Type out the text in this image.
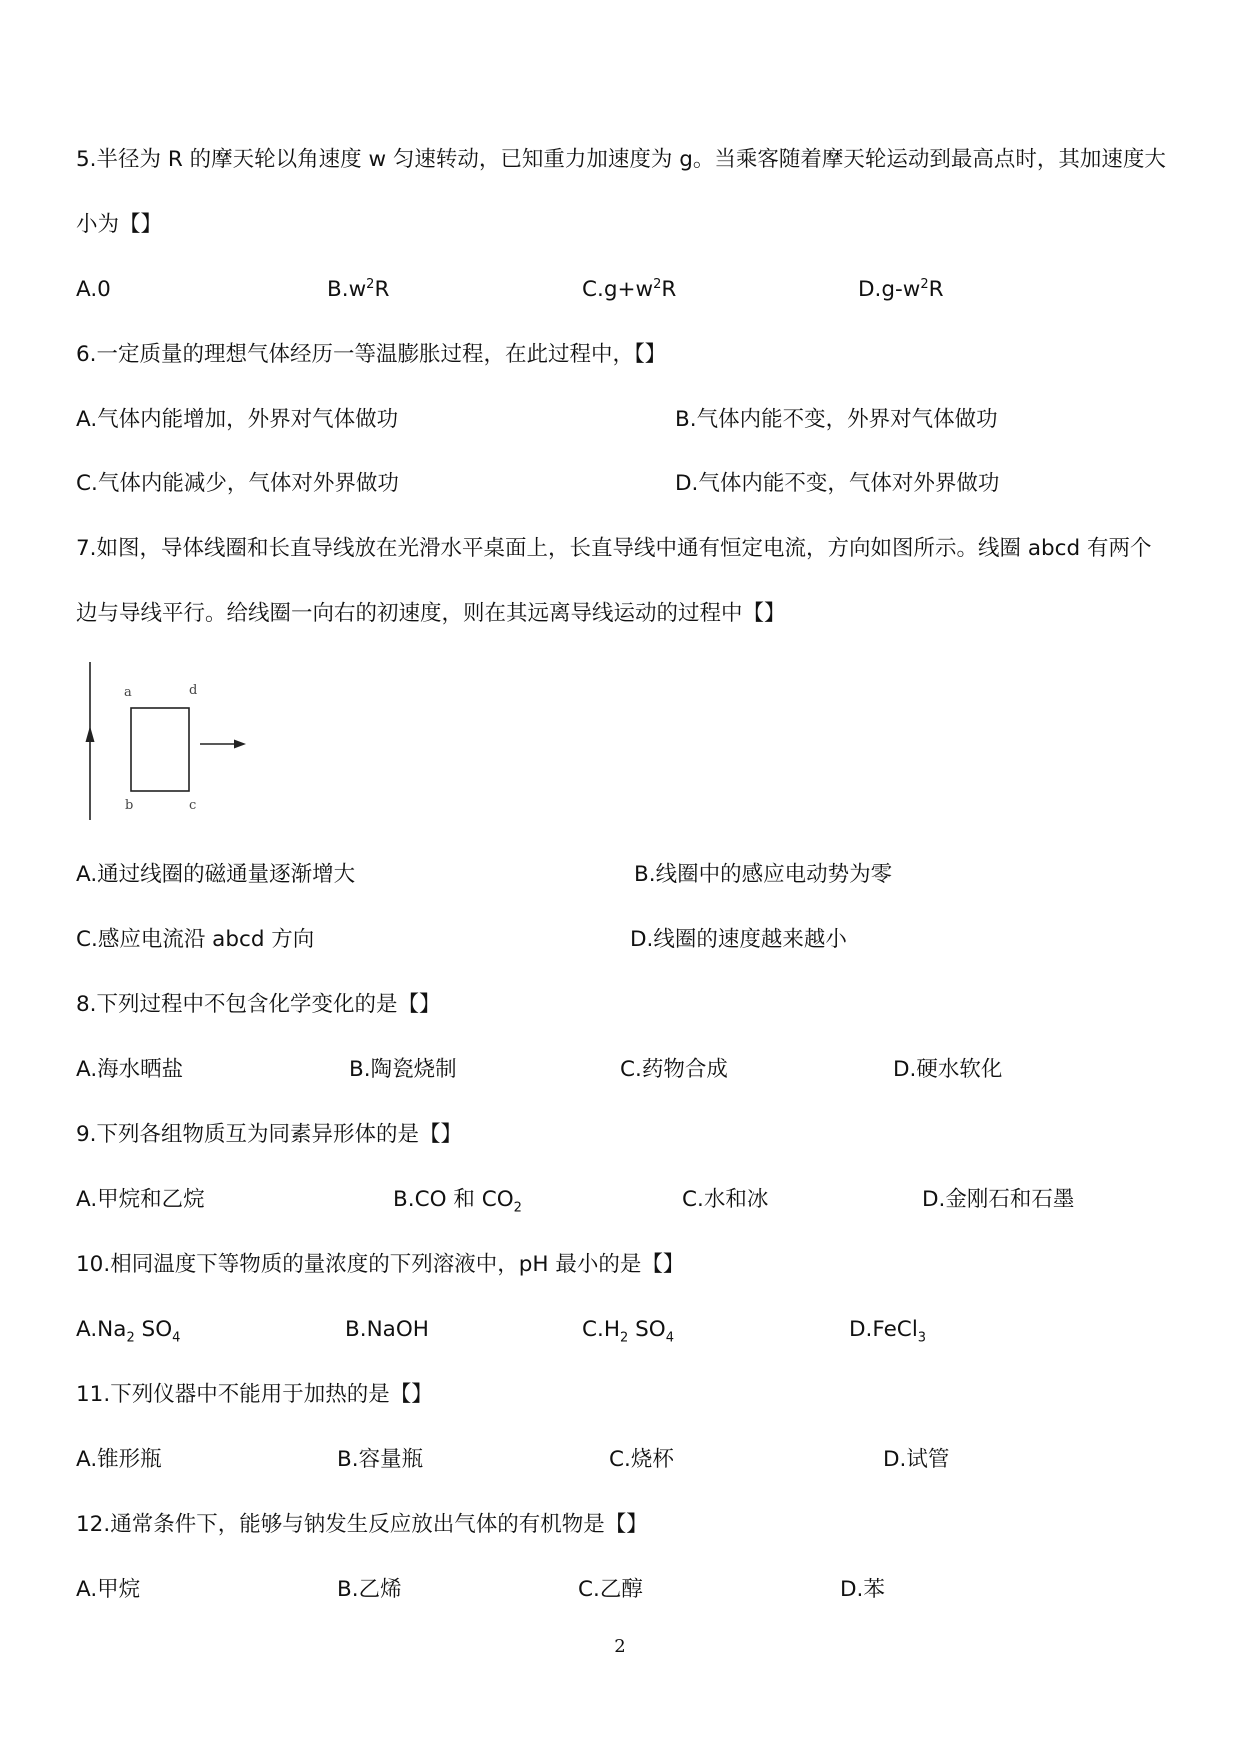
5.半径为 R 的摩天轮以角速度 w 匀速转动，已知重力加速度为 g。当乘客随着摩天轮运动到最高点时，其加速度大
小为【】
A.0	$B.w^2R$	$C.g+w^2R$	$D.g-w^2R$
6.一定质量的理想气体经历一等温膨胀过程，在此过程中，【】
A.气体内能增加，外界对气体做功	B.气体内能不变，外界对气体做功
C.气体内能减少，气体对外界做功	D.气体内能不变，气体对外界做功
7.如图，导体线圈和长直导线放在光滑水平桌面上，长直导线中通有恒定电流，方向如图所示。线圈 abcd 有两个
边与导线平行。给线圈一向右的初速度，则在其远离导线运动的过程中【】
a	d
b	c
A.通过线圈的磁通量逐渐增大	B.线圈中的感应电动势为零
C.感应电流沿 abcd 方向	D.线圈的速度越来越小
8.下列过程中不包含化学变化的是【】
A.海水晒盐	B.陶瓷烧制	C.药物合成	D.硬水软化
9.下列各组物质互为同素异形体的是【】
A.甲烷和乙烷	B.CO 和 $CO_2$	C.水和冰	D.金刚石和石墨
10.相同温度下等物质的量浓度的下列溶液中，pH 最小的是【】
$A.Na_2$ $SO_4$	B.NaOH	$C.H_2$ $SO_4$	D.FeCl$_3$
11.下列仪器中不能用于加热的是【】
A.锥形瓶	B.容量瓶	C.烧杯	D.试管
12.通常条件下，能够与钠发生反应放出气体的有机物是【】
A.甲烷	B.乙烯	C.乙醇	D.苯
2
